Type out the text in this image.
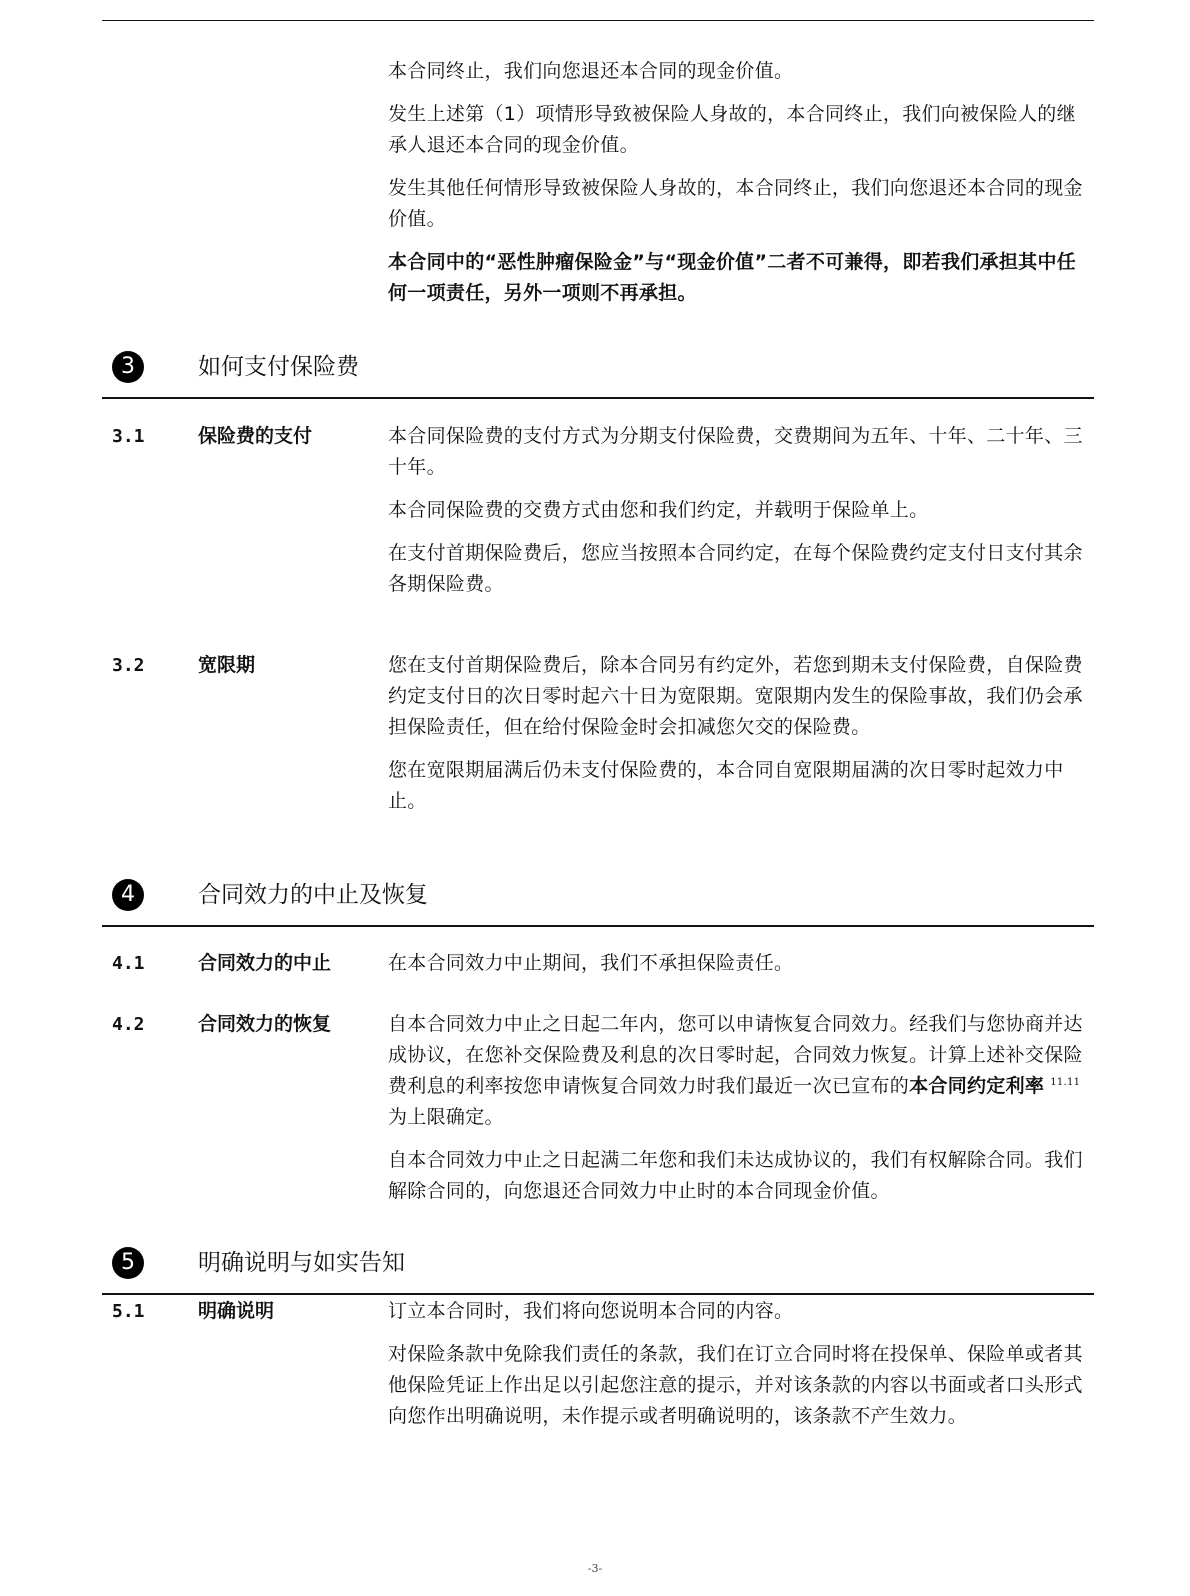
本合同终止，我们向您退还本合同的现金价值。

发生上述第（1）项情形导致被保险人身故的，本合同终止，我们向被保险人的继承人退还本合同的现金价值。

发生其他任何情形导致被保险人身故的，本合同终止，我们向您退还本合同的现金价值。

本合同中的“恶性肿瘤保险金”与“现金价值”二者不可兼得，即若我们承担其中任何一项责任，另外一项则不再承担。

3	如何支付保险费
3.1	保险费的支付	本合同保险费的支付方式为分期支付保险费，交费期间为五年、十年、二十年、三十年。

本合同保险费的交费方式由您和我们约定，并载明于保险单上。

在支付首期保险费后，您应当按照本合同约定，在每个保险费约定支付日支付其余各期保险费。

3.2	宽限期	您在支付首期保险费后，除本合同另有约定外，若您到期未支付保险费，自保险费约定支付日的次日零时起六十日为宽限期。宽限期内发生的保险事故，我们仍会承担保险责任，但在给付保险金时会扣减您欠交的保险费。

您在宽限期届满后仍未支付保险费的，本合同自宽限期届满的次日零时起效力中止。

4	合同效力的中止及恢复
4.1	合同效力的中止	在本合同效力中止期间，我们不承担保险责任。

4.2	合同效力的恢复	自本合同效力中止之日起二年内，您可以申请恢复合同效力。经我们与您协商并达成协议，在您补交保险费及利息的次日零时起，合同效力恢复。计算上述补交保险费利息的利率按您申请恢复合同效力时我们最近一次已宣布的本合同约定利率 $^{11.11}$为上限确定。

自本合同效力中止之日起满二年您和我们未达成协议的，我们有权解除合同。我们解除合同的，向您退还合同效力中止时的本合同现金价值。

5	明确说明与如实告知
5.1	明确说明	订立本合同时，我们将向您说明本合同的内容。

对保险条款中免除我们责任的条款，我们在订立合同时将在投保单、保险单或者其他保险凭证上作出足以引起您注意的提示，并对该条款的内容以书面或者口头形式向您作出明确说明，未作提示或者明确说明的，该条款不产生效力。

-3-
